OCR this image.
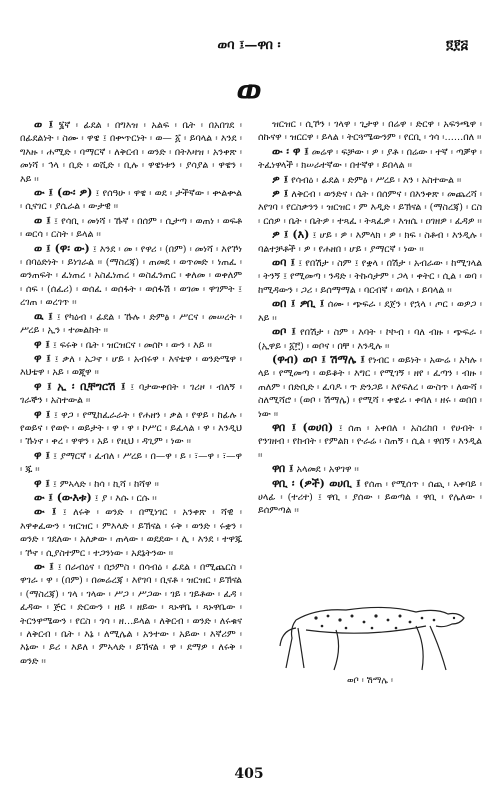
ወባ ፤—ዋበ ፡	፬፻፭
ወ

ወ ፤ ፮ኛ ፡ ፊደል ፡ በግእዝ ፡ አልፍ ፡ ቤት ፡ በአበገደ ፡ በፊደልነት ፡ ስሙ ፡ ዋዌ ፤ በቍጥርነት ፡ ወ— ፩ ፡ ይባላል ፡ እንደ ፡ ግእዙ ፡ ሐሚድ ፡ ባማርኛ ፡ ለቅርብ ፡ ወንድ ፡ በትእዛዝ ፡ አንቀጽ ፡ መነሻ ፡ ኅላ ፡ ቢድ ፡ ወሺድ ፡ ቢሉ ፡ ዋዌነቱን ፡ ያሳያል ፡ ዋዌን ፡ እይ ፡፡

ው ፤ (ው፡ ዎ) ፤ የሰዓሁ ፡ ዋዌ ፡ ወደ ፡ ታችኛው ፡ ቍልቍል ፡ ሲናገር ፡ ያሴራል ፡ ውታዊ ፡፡

ወ ፤ ፤ የሳቢ ፡ መነሻ ፡ ኹኛ ፡ በሰም ፡ ሲታጣ ፡ ወጠነ ፡ ወፍቶ ፡ ወርሳ ፡ ርስት ፡ ይላል ፡፡

ወ ፤ (ዋ፡ ው) ፤ እንደ ፡ መ ፡ የዋሪ ፡ (በም) ፡ መነሻ ፡ እየኾነ ፡ በባዕድነት ፡ ይነገራል ፡፡ (ማስረጃ) ፡ ጠመደ ፡ ወጥመድ ፡ ነጠፈ ፡ ወንጠፍት ፡ ፈነጠረ ፡ አስፈነጠረ ፡ ወስፈንጠር ፡ ቀለመ ፡ ወቀለም ፡ ሰፍ ፡ (ሰፈሪ) ፡ ወሰፈ ፡ ወሰፋት ፡ ወሰፋሽ ፡ ወገመ ፡ ዋገምት ፤ ረገጠ ፡ ወረገጥ ፡፡

ዉ ፤ ፤ የካዕብ ፡ ፊደል ፡ ኹሉ ፡ ድምፅ ፡ ሥርና ፡ መሠረት ፡ ሥረይ ፡ ኢን ፡ ተመልከት ፡፡

ዋ ፤ ፤ ፍሩቅ ፡ ቤት ፡ ዝርዝርና ፡ መሰኮ ፡ ውን ፡ እይ ፡፡

ዋ ፤ ፤ ቃለ ፡ አጋኖ ፡ ሆይ ፡ አብሩዋ ፡ እናቴዋ ፡ ወንድሜዋ ፡ እህቴዋ ፡ አይ ፡ ወጂዋ ፡፡

ዋ ፤ ኢ ፡ ቢቸግርሽ ፤ ፤ ባታውቀበት ፡ ገሪዞ ፡ ብለኝ ፡ ገራኞን ፡ አስተውል ፡፡

ዋ ፤ ፤ ዋጋ ፡ የሚከፈራራት ፡ የሐዘን ፡ ቃል ፡ የዋይ ፡ ከፊሉ ፡ የወይና ፡ የወዮ ፡ ወይታት ፡ ዋ ፡ ዋ ፡ ኮሥር ፡ ይፈላል ፡ ዋ ፡ እንዲህ ፡ ኹነኖ ፡ ቀረ ፡ ዋዋን ፡ አይ ፡ የዚህ ፡ ዳጊም ፡ ነው ፡፡

ዋ ፤ ፤ ያማርኛ ፡ ፈብለ ፡ ሥረይ ፡ በ—ዋ ፡ ይ ፡ ፣—ዋ ፡ ፣—ዋ ፡ ጁ ፡፡

ዋ ፤ ፤ ምኣላድ ፡ ከሳ ፡ ኪሻ ፡ ከሻዋ ፡፡

ው ፤ (ውእቱ) ፤ ያ ፡ እሱ ፡ ርሱ ፡፡

ው ፤ ፤ ለሩቅ ፡ ወንድ ፡ በሚነገር ፡ አንቀጽ ፡ ሻዊ ፡ እዋቀፈውን ፡ ዝርዝር ፡ ምእላድ ፡ ይኽናል ፡ ሩቅ ፡ ወንድ ፡ ሩቋን ፡ ወንድ ፡ ገደለው ፡ አለቃው ፡ ጠላው ፡ ወደደው ፡ ሊ ፡ እንደ ፡ ተዋጁ ፡ ኾኖ ፡ ሲያስተምር ፡ ተጋንነው ፡ አደኔትንው ፡፡

ው ፤ ፤ በራብዕና ፡ በኃምስ ፡ በሳብዕ ፡ ፊደል ፡ በሚጨርስ ፡ ዋገራ ፡ ዋ ፡ (በም) ፡ በመሬረጃ ፡ እየገባ ፡ ቢናቶ ፡ ዝርዝር ፡ ይኽናል ፡ (ማስረጃ) ፡ ገላ ፡ ገላው ፡ ሥጋ ፡ ሥጋው ፡ ገይ ፡ ገይቶው ፡ ፈዳ ፡ ፈዳው ፡ ጅር ፡ ድርውን ፡ ዘይ ፡ ዘይው ፡ ጻኑዋቤ ፡ ጻኑዋቤው ፡ ትርንዋሜውን ፡ የርስ ፡ ጎሳ ፡ ዘ…ይላል ፡ ለቅርብ ፡ ወንድ ፡ ለሩቁና ፡ ለቅርብ ፡ ቤት ፡ እኔ ፡ ለሚሌል ፡ አንተው ፡ አይው ፡ እኛሪም ፡ እኔው ፡ ይሪ ፡ እይለ ፡ ምኣላድ ፡ ይኽናል ፡ ዋ ፡ ደማዎ ፡ ለሩቅ ፡ ወንድ ፡፡

ዝርዝር ፡ ሲኾን ፡ ገላዋ ፡ ጊታዋ ፡ በሬዋ ፡ ድርዋ ፡ አፍንጫዋ ፡ ሰኩናዋ ፡ ዝርርዋ ፡ ይላል ፡ ትርጓሜውንም ፡ የርቢ ፡ ጎሳ ፡……በለ ፡፡

ው ፡ ዋ ፤ መሬዋ ፡ ፍቻው ፡ ዎ ፡ ያቶ ፡ በሬው ፡ ተኛ ፡ ጣቓዋ ፡ ትፈነዋላች ፡ ክሠራተኛው ፡ በተኛዋ ፡ ይበላል ፡፡

ዎ ፤ የሳብዕ ፡ ፊደል ፡ ድምፅ ፡ ሥረይ ፡ እን ፡ አስተውል ፡፡

ዎ ፤ ለቅርብ ፡ ወንድና ፡ ሴት ፡ በሰምና ፡ በእንቀጽ ፡ መጨረሻ ፡ እየገባ ፡ የርስቃንን ፡ ዝርዝር ፡ ም እዲድ ፡ ይኽናል ፡ (ማስረጃ) ፡ ርስ ፡ ርሰዎ ፡ ቤት ፡ ቤትዎ ፡ ተጻፈ ፡ ትጻፈዎ ፡ እዝሴ ፡ ዐገዘዎ ፡ ፈዳዎ ፡፡

ዎ ፤ (እ) ፤ ሆይ ፡ ዎ ፡ እምላክ ፡ ዎ ፡ ክፍ ፡ ስቶብ ፡ እንዲሉ ፡ ባልተቻቶች ፡ ዎ ፡ የሐዘበ ፡ ሆይ ፡ ያማርኛ ፡ ነው ፡፡

ወባ ፤ ፤ የበሽታ ፡ ስም ፤ የቋላ ፡ በሽታ ፡ አብራው ፡ ከሚገላል ፡ ትንኝ ፤ የሚመጣ ፡ ንዳድ ፡ ትኩሳታም ፡ ጋላ ፡ ቀትር ፡ ሲል ፡ ወባ ፡ ከሚዳውን ፡ ጋሪ ፡ ይሰማማል ፡ ባርብኛ ፡ ወባእ ፡ ይባላል ፡፡

ወበ ፤ ዎቢ ፤ ሰሙ ፡ ጭፍራ ፡ ደጀን ፡ የኋላ ፡ ጦር ፡ ወዎጋ ፡ እይ ፡፡

ወቦ ፤ የበሽታ ፡ ስም ፡ እባት ፡ ኮኮብ ፡ ባለ ብዙ ፡ ጭፍራ ፡ (ኢዋይ ፡ ፩፫) ፡ ወቦና ፡ በቸ ፡ እንዲሉ ፡፡

(ዋብ) ወቦ ፤ ሽማሌ ፤ የነብር ፡ ወይነት ፡ አውሬ ፡ አካሉ ፡ ላይ ፡ የሚመጣ ፡ ወይቆት ፡ እግር ፡ የሚገኝ ፡ ዘየ ፡ ፈጣን ፡ ብዙ ፡ ጠለም ፡ በድቢድ ፡ ፈባዶ ፡ ጥ ድንጋይ ፡ እየፍለረ ፡ ውስጥ ፡ ለውሻ ፡ ስለሚሻሮ ፡ (ወቦ ፡ ሽማሌ) ፡ የሚሻ ፡ ቀዌራ ፡ ቀባለ ፡ ዘሩ ፡ ወበበ ፡ ነው ፡፡

ዋበ ፤ (ወሀበ) ፤ ሰጠ ፡ አቀበለ ፡ አስረከበ ፡ የሀብት ፡ የንገዘብ ፡ የከብት ፡ የምልክ ፡ ዮራሬ ፡ ስጠኝ ፡ ሲል ፡ ዋበኝ ፡ እንዲል ፡፡

ዋበ ፤ አላመደ ፡ አዋገዋ ፡፡

ዋቢ ፡ (ዎች) ወሀቢ ፤ የሰጠ ፡ የሚሰጥ ፡ ሰጪ ፡ ኣቀባይ ፡ ሀላፊ ፡ (ተሪተ) ፤ ዋቢ ፡ ያሰው ፡ ይወጣል ፡ ዋቢ ፡ የሌለው ፡ ይሰምጣል ፡፡

ወቦ ፡ ሽማሌ ፡
405
